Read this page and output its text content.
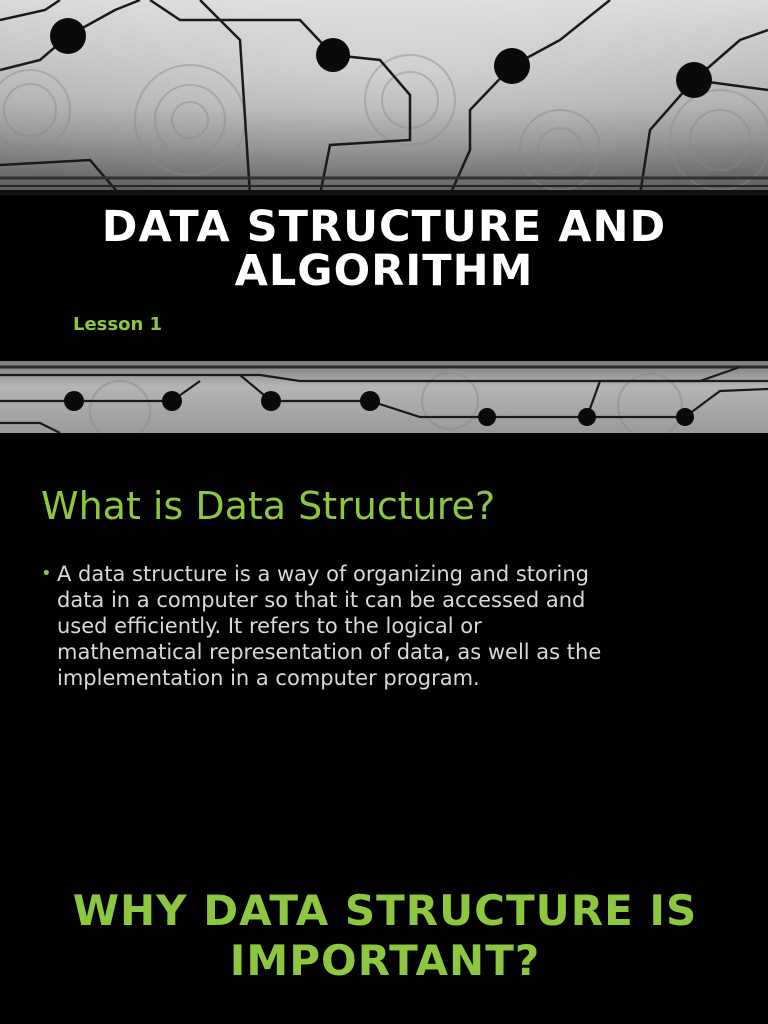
DATA STRUCTURE AND ALGORITHM
Lesson 1
What is Data Structure?
• A data structure is a way of organizing and storing data in a computer so that it can be accessed and used efficiently. It refers to the logical or mathematical representation of data, as well as the implementation in a computer program.
WHY DATA STRUCTURE IS IMPORTANT?
